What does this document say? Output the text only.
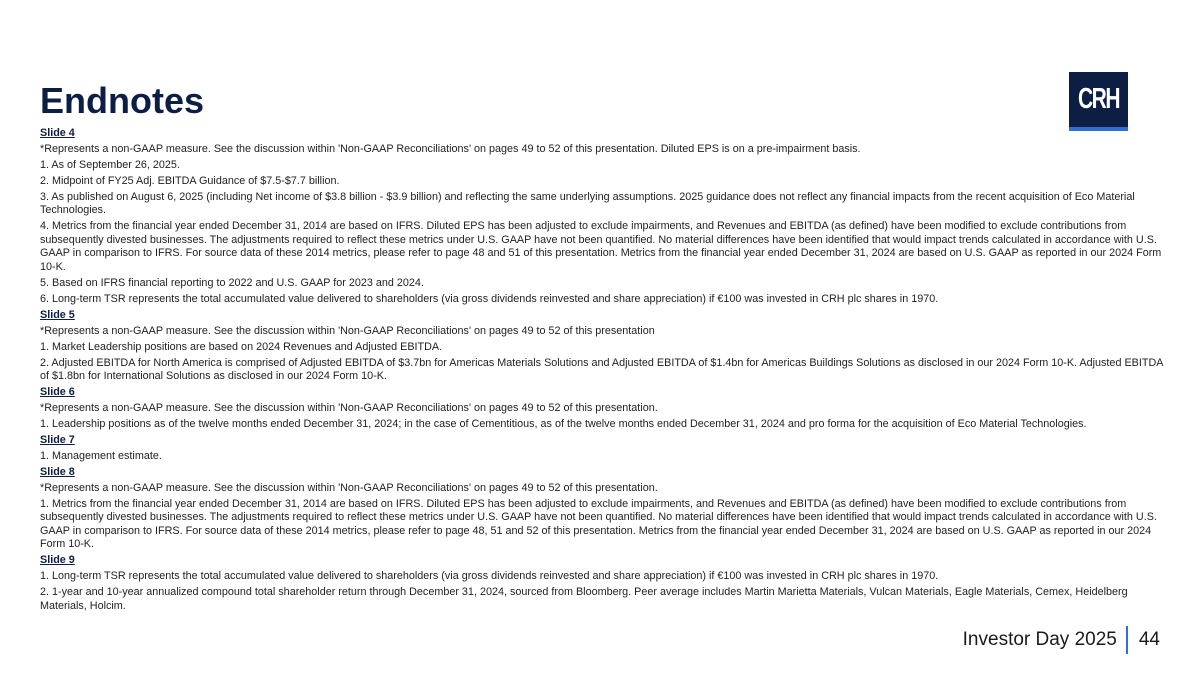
Endnotes	CRH
Slide 4
*Represents a non-GAAP measure. See the discussion within 'Non-GAAP Reconciliations' on pages 49 to 52 of this presentation. Diluted EPS is on a pre-impairment basis.
1. As of September 26, 2025.
2. Midpoint of FY25 Adj. EBITDA Guidance of $7.5-$7.7 billion.
3. As published on August 6, 2025 (including Net income of $3.8 billion - $3.9 billion) and reflecting the same underlying assumptions. 2025 guidance does not reflect any financial impacts from the recent acquisition of Eco Material Technologies.
4. Metrics from the financial year ended December 31, 2014 are based on IFRS. Diluted EPS has been adjusted to exclude impairments, and Revenues and EBITDA (as defined) have been modified to exclude contributions from subsequently divested businesses. The adjustments required to reflect these metrics under U.S. GAAP have not been quantified. No material differences have been identified that would impact trends calculated in accordance with U.S. GAAP in comparison to IFRS. For source data of these 2014 metrics, please refer to page 48 and 51 of this presentation. Metrics from the financial year ended December 31, 2024 are based on U.S. GAAP as reported in our 2024 Form 10-K.
5. Based on IFRS financial reporting to 2022 and U.S. GAAP for 2023 and 2024.
6. Long-term TSR represents the total accumulated value delivered to shareholders (via gross dividends reinvested and share appreciation) if €100 was invested in CRH plc shares in 1970.
Slide 5
*Represents a non-GAAP measure. See the discussion within 'Non-GAAP Reconciliations' on pages 49 to 52 of this presentation
1. Market Leadership positions are based on 2024 Revenues and Adjusted EBITDA.
2. Adjusted EBITDA for North America is comprised of Adjusted EBITDA of $3.7bn for Americas Materials Solutions and Adjusted EBITDA of $1.4bn for Americas Buildings Solutions as disclosed in our 2024 Form 10-K. Adjusted EBITDA of $1.8bn for International Solutions as disclosed in our 2024 Form 10-K.
Slide 6
*Represents a non-GAAP measure. See the discussion within 'Non-GAAP Reconciliations' on pages 49 to 52 of this presentation.
1. Leadership positions as of the twelve months ended December 31, 2024; in the case of Cementitious, as of the twelve months ended December 31, 2024 and pro forma for the acquisition of Eco Material Technologies.
Slide 7
1. Management estimate.
Slide 8
*Represents a non-GAAP measure. See the discussion within 'Non-GAAP Reconciliations' on pages 49 to 52 of this presentation.
1. Metrics from the financial year ended December 31, 2014 are based on IFRS. Diluted EPS has been adjusted to exclude impairments, and Revenues and EBITDA (as defined) have been modified to exclude contributions from subsequently divested businesses. The adjustments required to reflect these metrics under U.S. GAAP have not been quantified. No material differences have been identified that would impact trends calculated in accordance with U.S. GAAP in comparison to IFRS. For source data of these 2014 metrics, please refer to page 48, 51 and 52 of this presentation. Metrics from the financial year ended December 31, 2024 are based on U.S. GAAP as reported in our 2024 Form 10-K.
Slide 9
1. Long-term TSR represents the total accumulated value delivered to shareholders (via gross dividends reinvested and share appreciation) if €100 was invested in CRH plc shares in 1970.
2. 1-year and 10-year annualized compound total shareholder return through December 31, 2024, sourced from Bloomberg. Peer average includes Martin Marietta Materials, Vulcan Materials, Eagle Materials, Cemex, Heidelberg Materials, Holcim.
Investor Day 2025 44
